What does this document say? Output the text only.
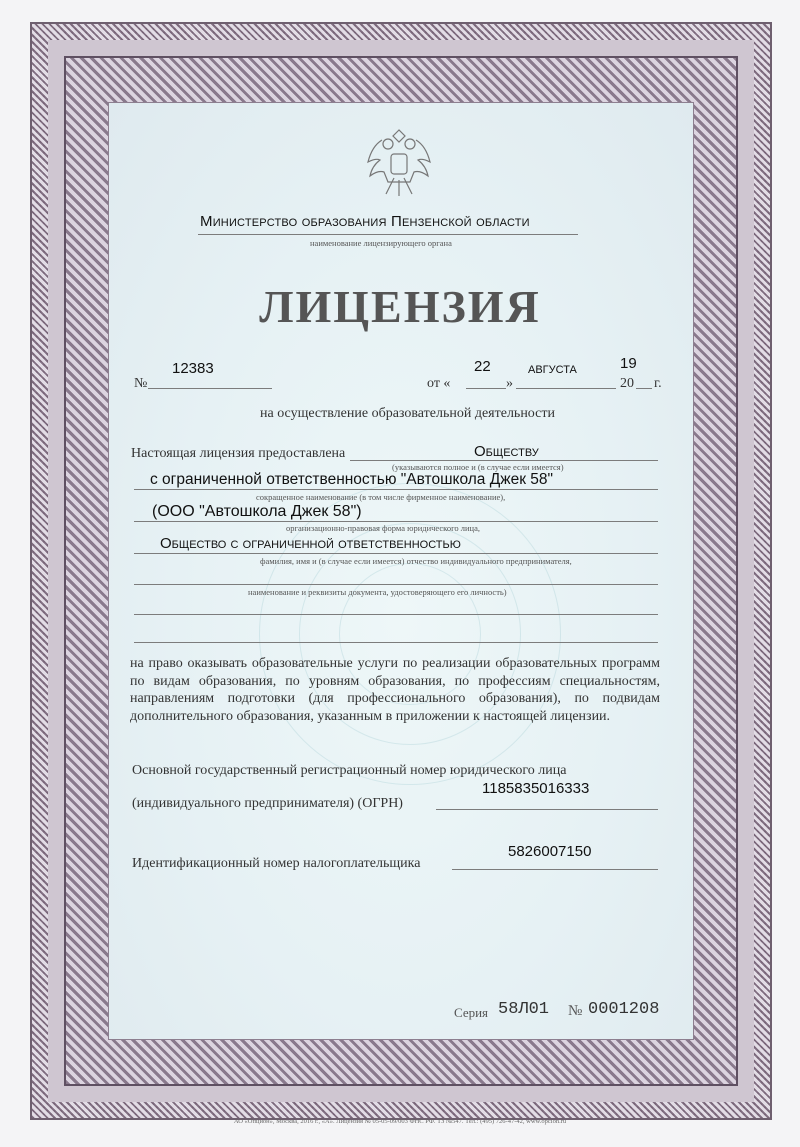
Министерство образования Пензенской области
наименование лицензирующего органа
ЛИЦЕНЗИЯ
№
12383
от «
22
»
августа
20
19
г.
на осуществление образовательной деятельности
Настоящая лицензия предоставлена	Обществу
(указываются полное и (в случае если имеется)
с ограниченной ответственностью "Автошкола Джек 58"
сокращенное наименование (в том числе фирменное наименование),
(ООО "Автошкола Джек 58")
организационно-правовая форма юридического лица,
Общество с ограниченной ответственностью
фамилия, имя и (в случае если имеется) отчество индивидуального предпринимателя,
наименование и реквизиты документа, удостоверяющего его личность)
на право оказывать образовательные услуги по реализации образовательных программ по видам образования, по уровням образования, по профессиям специальностям, направлениям подготовки (для профессионального образования), по подвидам дополнительного образования, указанным в приложении к настоящей лицензии.
Основной государственный регистрационный номер юридического лица
(индивидуального предпринимателя) (ОГРН)
1185835016333
Идентификационный номер налогоплательщика
5826007150
Серия 58Л01 № 0001208
АО «Опцион», Москва, 2016 г., «А». Лицензия № 05-05-09/003 ФНС РФ. ТЗ №547. Тел.: (495) 726-47-42, www.opcion.ru
